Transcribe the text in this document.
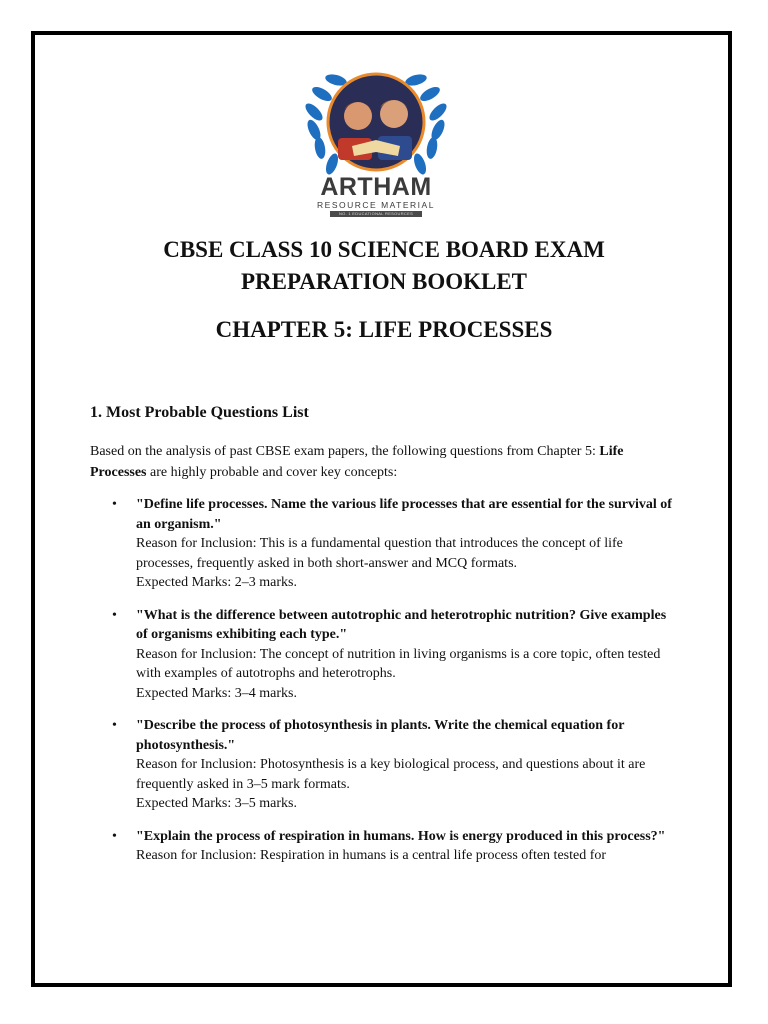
ARTHAM
RESOURCE MATERIAL
NO. 1 EDUCATIONAL RESOURCES
CBSE CLASS 10 SCIENCE BOARD EXAM
PREPARATION BOOKLET
CHAPTER 5: LIFE PROCESSES
1. Most Probable Questions List

Based on the analysis of past CBSE exam papers, the following questions from Chapter 5: Life Processes are highly probable and cover key concepts:

• "Define life processes. Name the various life processes that are essential for the survival of an organism."
Reason for Inclusion: This is a fundamental question that introduces the concept of life processes, frequently asked in both short-answer and MCQ formats.
Expected Marks: 2–3 marks.
• "What is the difference between autotrophic and heterotrophic nutrition? Give examples of organisms exhibiting each type."
Reason for Inclusion: The concept of nutrition in living organisms is a core topic, often tested with examples of autotrophs and heterotrophs.
Expected Marks: 3–4 marks.
• "Describe the process of photosynthesis in plants. Write the chemical equation for photosynthesis."
Reason for Inclusion: Photosynthesis is a key biological process, and questions about it are frequently asked in 3–5 mark formats.
Expected Marks: 3–5 marks.
• "Explain the process of respiration in humans. How is energy produced in this process?"
Reason for Inclusion: Respiration in humans is a central life process often tested for
